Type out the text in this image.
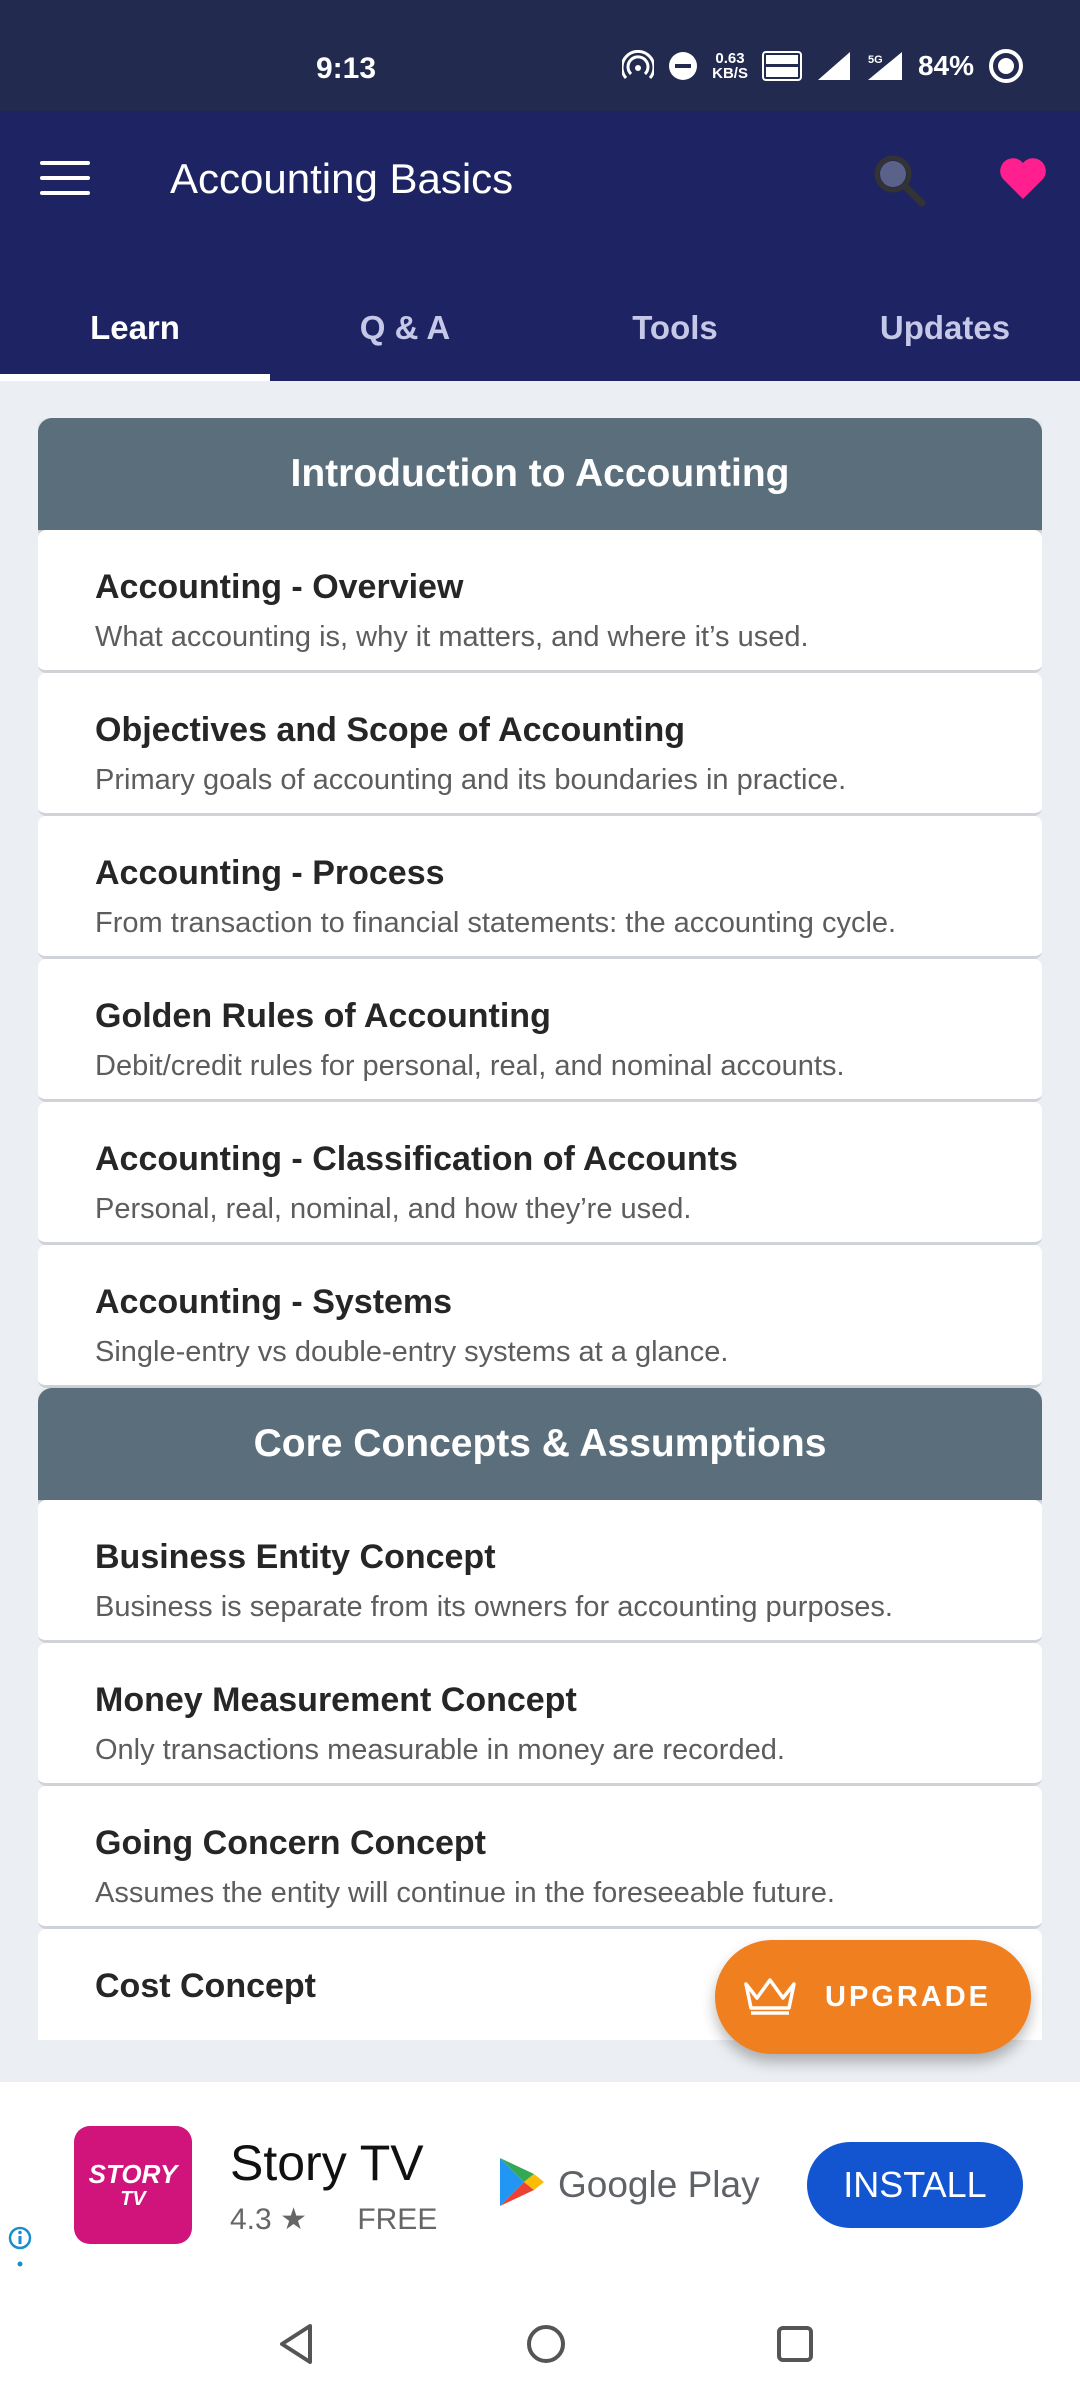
9:13	0.63
KB/S
5G 84%
Accounting Basics
Learn	Q & A	Tools	Updates
Introduction to Accounting
Accounting - Overview
What accounting is, why it matters, and where it’s used.
Objectives and Scope of Accounting
Primary goals of accounting and its boundaries in practice.
Accounting - Process
From transaction to financial statements: the accounting cycle.
Golden Rules of Accounting
Debit/credit rules for personal, real, and nominal accounts.
Accounting - Classification of Accounts
Personal, real, nominal, and how they’re used.
Accounting - Systems
Single-entry vs double-entry systems at a glance.
Core Concepts & Assumptions
Business Entity Concept
Business is separate from its owners for accounting purposes.
Money Measurement Concept
Only transactions measurable in money are recorded.
Going Concern Concept
Assumes the entity will continue in the foreseeable future.
Cost Concept	UPGRADE
STORY
TV
Story TV
4.3 ★ FREE
Google Play	INSTALL
